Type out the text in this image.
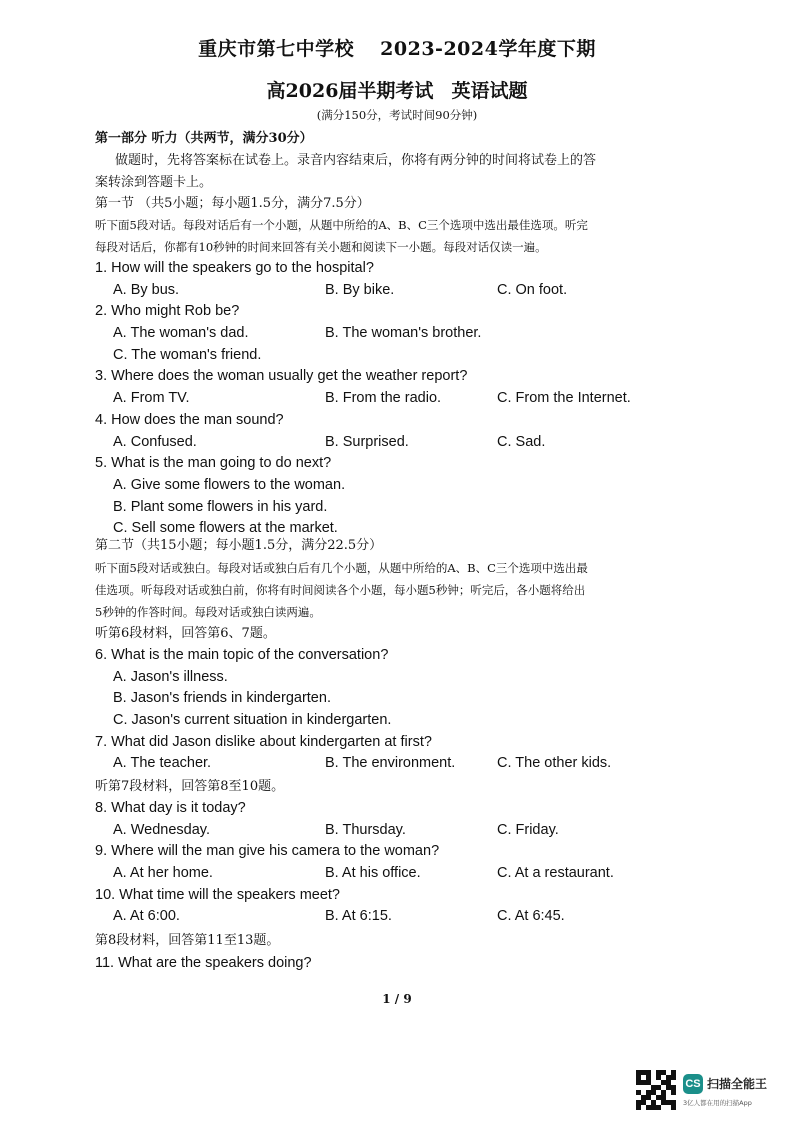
重庆市第七中学校 2023-2024学年度下期
高2026届半期考试 英语试题
(满分150分，考试时间90分钟)
第一部分 听力（共两节，满分30分）
做题时，先将答案标在试卷上。录音内容结束后，你将有两分钟的时间将试卷上的答
案转涂到答题卡上。
第一节 （共5小题；每小题1.5分，满分7.5分）
听下面5段对话。每段对话后有一个小题，从题中所给的A、B、C三个选项中选出最佳选项。听完
每段对话后，你都有10秒钟的时间来回答有关小题和阅读下一小题。每段对话仅读一遍。
1. How will the speakers go to the hospital?
A. By bus.	B. By bike.	C. On foot.
2. Who might Rob be?
A. The woman's dad.	B. The woman's brother.
C. The woman's friend.
3. Where does the woman usually get the weather report?
A. From TV.	B. From the radio.	C. From the Internet.
4. How does the man sound?
A. Confused.	B. Surprised.	C. Sad.
5. What is the man going to do next?
A. Give some flowers to the woman.
B. Plant some flowers in his yard.
C. Sell some flowers at the market.
第二节（共15小题；每小题1.5分，满分22.5分）
听下面5段对话或独白。每段对话或独白后有几个小题，从题中所给的A、B、C三个选项中选出最
佳选项。听每段对话或独白前，你将有时间阅读各个小题，每小题5秒钟；听完后，各小题将给出
5秒钟的作答时间。每段对话或独白读两遍。
听第6段材料，回答第6、7题。
6. What is the main topic of the conversation?
A. Jason's illness.
B. Jason's friends in kindergarten.
C. Jason's current situation in kindergarten.
7. What did Jason dislike about kindergarten at first?
A. The teacher.	B. The environment.	C. The other kids.
听第7段材料，回答第8至10题。
8. What day is it today?
A. Wednesday.	B. Thursday.	C. Friday.
9. Where will the man give his camera to the woman?
A. At her home.	B. At his office.	C. At a restaurant.
10. What time will the speakers meet?
A. At 6:00.	B. At 6:15.	C. At 6:45.
第8段材料，回答第11至13题。
11. What are the speakers doing?
1 / 9
CS 扫描全能王
3亿人都在用的扫描App
